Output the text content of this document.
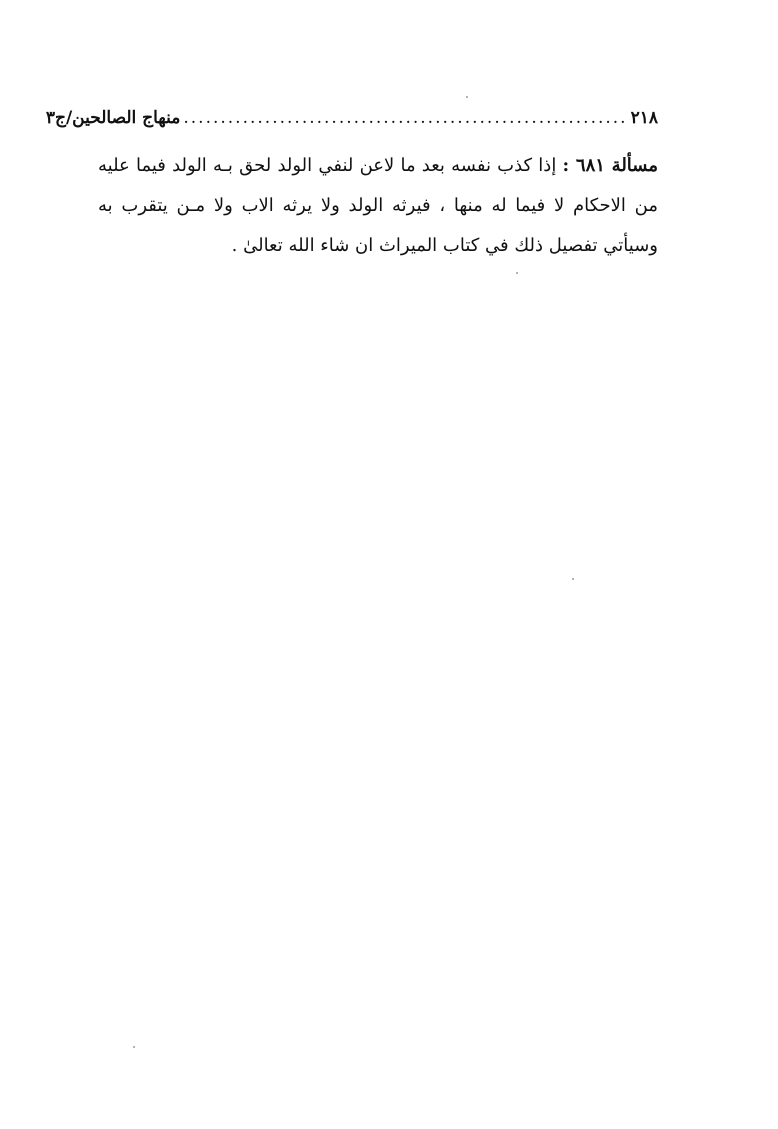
٢١٨
............................................................
منهاج الصالحين/ج٣

مسألة ٦٨١ : إذا كذب نفسه بعد ما لاعن لنفي الولد لحق بـه الولد فيما عليه من الاحكام لا فيما له منها ، فيرثه الولد ولا يرثه الاب ولا مـن يتقرب به وسيأتي تفصيل ذلك في كتاب الميراث ان شاء الله تعالىٰ .
